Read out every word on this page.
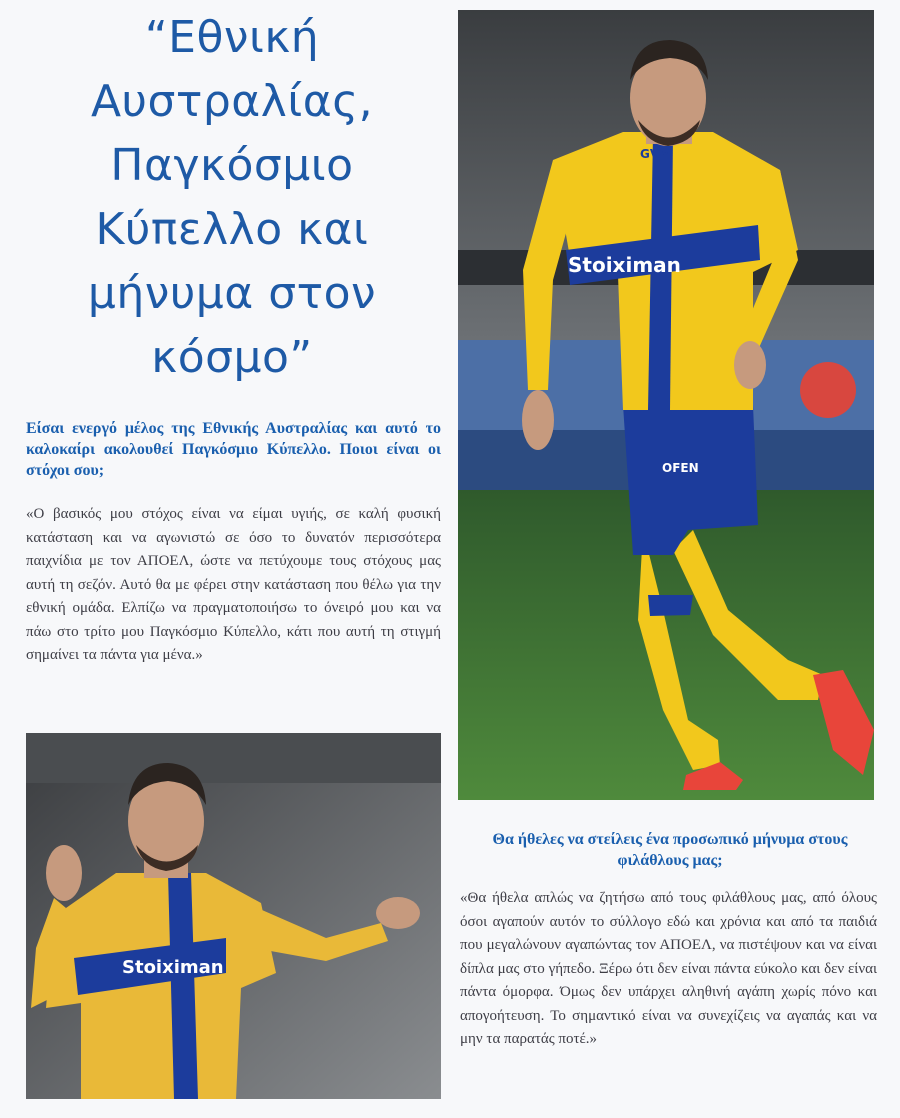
“Εθνική Αυστραλίας, Παγκόσμιο Κύπελλο και μήνυμα στον κόσμο”

Είσαι ενεργό μέλος της Εθνικής Αυστραλίας και αυτό το καλοκαίρι ακολουθεί Παγκόσμιο Κύπελλο. Ποιοι είναι οι στόχοι σου;

«Ο βασικός μου στόχος είναι να είμαι υγιής, σε καλή φυσική κατάσταση και να αγωνιστώ σε όσο το δυνατόν περισσότερα παιχνίδια με τον ΑΠΟΕΛ, ώστε να πετύχουμε τους στόχους μας αυτή τη σεζόν. Αυτό θα με φέρει στην κατάσταση που θέλω για την εθνική ομάδα. Ελπίζω να πραγματοποιήσω το όνειρό μου και να πάω στο τρίτο μου Παγκόσμιο Κύπελλο, κάτι που αυτή τη στιγμή σημαίνει τα πάντα για μένα.»

Θα ήθελες να στείλεις ένα προσωπικό μήνυμα στους φιλάθλους μας;

«Θα ήθελα απλώς να ζητήσω από τους φιλάθλους μας, από όλους όσοι αγαπούν αυτόν το σύλλογο εδώ και χρόνια και από τα παιδιά που μεγαλώνουν αγαπώντας τον ΑΠΟΕΛ, να πιστέψουν και να είναι δίπλα μας στο γήπεδο. Ξέρω ότι δεν είναι πάντα εύκολο και δεν είναι πάντα όμορφα. Όμως δεν υπάρχει αληθινή αγάπη χωρίς πόνο και απογοήτευση. Το σημαντικό είναι να συνεχίζεις να αγαπάς και να μην τα παρατάς ποτέ.»

Stoiximan
GVM
OFEN
Stoiximan
